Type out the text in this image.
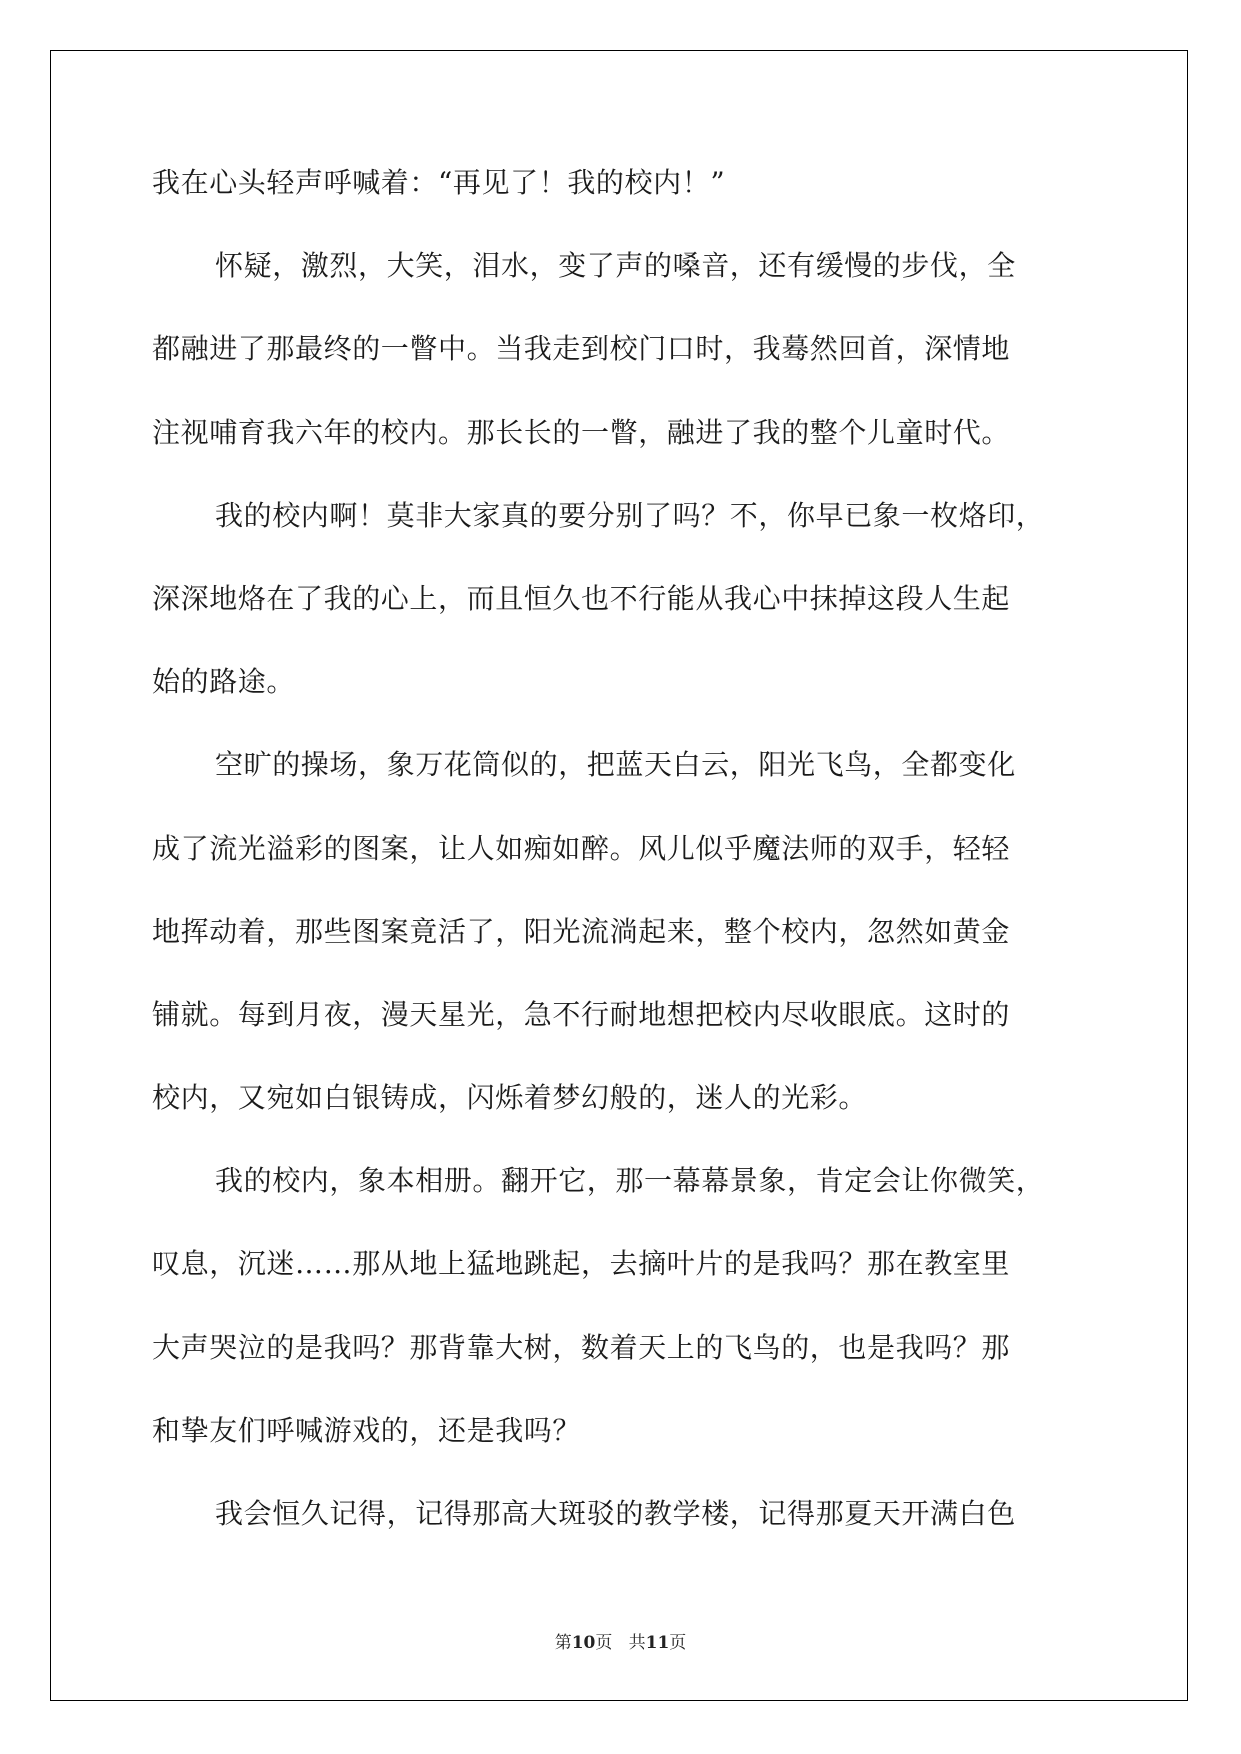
我在心头轻声呼喊着：“再见了！我的校内！”
怀疑，激烈，大笑，泪水，变了声的嗓音，还有缓慢的步伐，全
都融进了那最终的一瞥中。当我走到校门口时，我蓦然回首，深情地
注视哺育我六年的校内。那长长的一瞥，融进了我的整个儿童时代。
我的校内啊！莫非大家真的要分别了吗？不，你早已象一枚烙印，
深深地烙在了我的心上，而且恒久也不行能从我心中抹掉这段人生起
始的路途。
空旷的操场，象万花筒似的，把蓝天白云，阳光飞鸟，全都变化
成了流光溢彩的图案，让人如痴如醉。风儿似乎魔法师的双手，轻轻
地挥动着，那些图案竟活了，阳光流淌起来，整个校内，忽然如黄金
铺就。每到月夜，漫天星光，急不行耐地想把校内尽收眼底。这时的
校内，又宛如白银铸成，闪烁着梦幻般的，迷人的光彩。
我的校内，象本相册。翻开它，那一幕幕景象，肯定会让你微笑，
叹息，沉迷……那从地上猛地跳起，去摘叶片的是我吗？那在教室里
大声哭泣的是我吗？那背靠大树，数着天上的飞鸟的，也是我吗？那
和挚友们呼喊游戏的，还是我吗？
我会恒久记得，记得那高大斑驳的教学楼，记得那夏天开满白色
第10页   共11页
